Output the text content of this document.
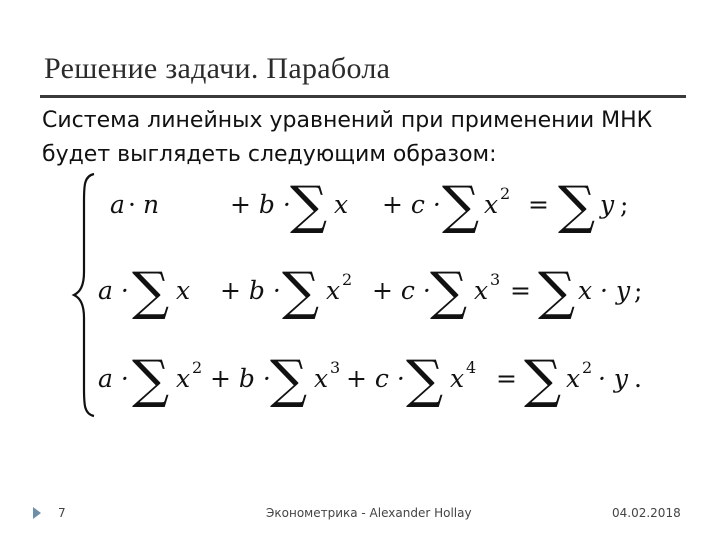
Решение задачи. Парабола
Система линейных уравнений при применении МНК
будет выглядеть следующим образом:
a · n	+ b · ∑ x + c · ∑ x 2 = ∑ y ;
a · ∑ x + b · ∑ x 2 + c · ∑ x 3 = ∑ x · y ;
a · ∑ x 2 + b · ∑ x 3 + c · ∑ x 4 = ∑ x 2 · y .
7	Эконометрика - Alexander Hollay	04.02.2018
